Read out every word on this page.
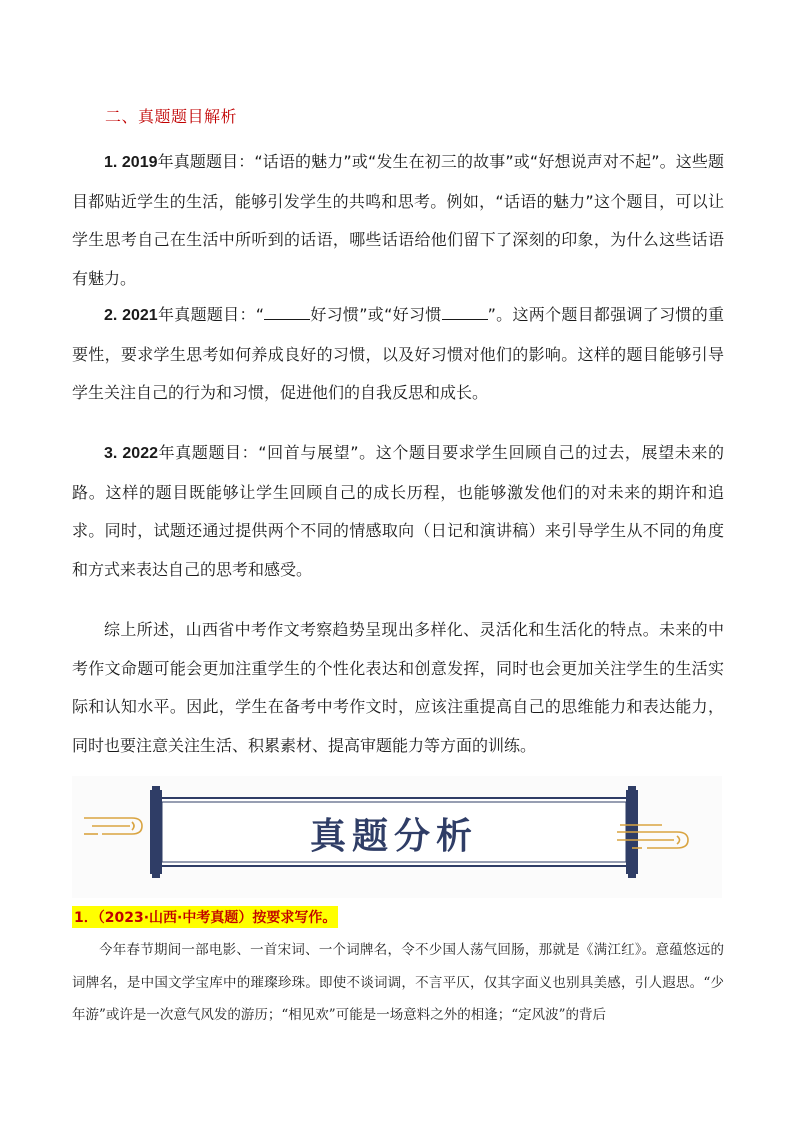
二、真题题目解析
1. 2019年真题题目：“话语的魅力”或“发生在初三的故事”或“好想说声对不起”。这些题目都贴近学生的生活，能够引发学生的共鸣和思考。例如，“话语的魅力”这个题目，可以让学生思考自己在生活中所听到的话语，哪些话语给他们留下了深刻的印象，为什么这些话语有魅力。
2. 2021年真题题目：“	好习惯”或“好习惯	”。这两个题目都强调了习惯的重要性，要求学生思考如何养成良好的习惯，以及好习惯对他们的影响。这样的题目能够引导学生关注自己的行为和习惯，促进他们的自我反思和成长。
3. 2022年真题题目：“回首与展望”。这个题目要求学生回顾自己的过去，展望未来的路。这样的题目既能够让学生回顾自己的成长历程，也能够激发他们的对未来的期许和追求。同时，试题还通过提供两个不同的情感取向（日记和演讲稿）来引导学生从不同的角度和方式来表达自己的思考和感受。
综上所述，山西省中考作文考察趋势呈现出多样化、灵活化和生活化的特点。未来的中考作文命题可能会更加注重学生的个性化表达和创意发挥，同时也会更加关注学生的生活实际和认知水平。因此，学生在备考中考作文时，应该注重提高自己的思维能力和表达能力，同时也要注意关注生活、积累素材、提高审题能力等方面的训练。
真题分析
1．（2023·山西·中考真题）按要求写作。
今年春节期间一部电影、一首宋词、一个词牌名，令不少国人荡气回肠，那就是《满江红》。意蕴悠远的词牌名，是中国文学宝库中的璀璨珍珠。即使不谈词调，不言平仄，仅其字面义也别具美感，引人遐思。“少年游”或许是一次意气风发的游历；“相见欢”可能是一场意料之外的相逢；“定风波”的背后
